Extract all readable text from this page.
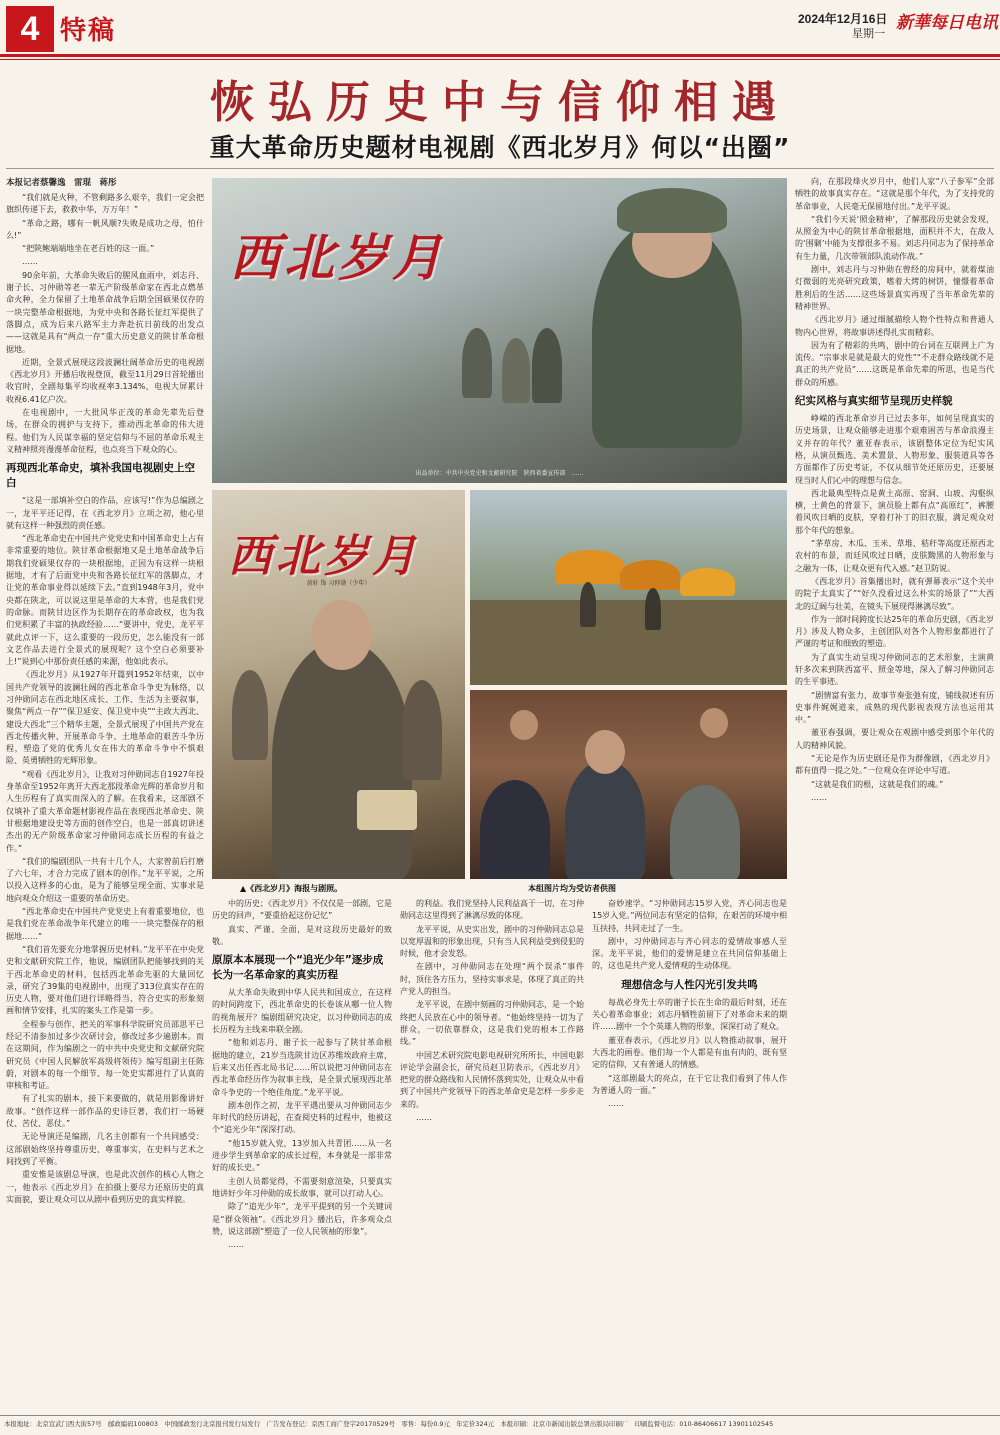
4 特稿	2024年12月16日
星期一
新華每日电讯
恢弘历史中与信仰相遇
重大革命历史题材电视剧《西北岁月》何以“出圈”
本报记者蔡馨逸　雷琨　蒋彤

“我们就是火种，不管剩路多么艰辛，我们一定会把旗织传递下去，救救中华，万万年！”

“革命之路，哪有一帆风顺?失败是成功之母，怕什么!”

“把陕鲍端端地坐在老百姓的这一面。”

……

90余年前，大革命失败后的腥风血雨中，刘志丹、谢子长、习仲勋等老一辈无产阶级革命家在西北点燃革命火种，全力保留了土地革命战争后期全国硕果仅存的一块完整革命根据地，为党中央和各路长征红军提供了落脚点，成为后来八路军主力奔赴抗日前线的出发点——这就是具有“两点一存”重大历史意义的陕甘革命根据地。

近期，全景式展现这段波澜壮阔革命历史的电视剧《西北岁月》开播后收视登顶，截至11月29日首轮播出收官时，全剧每集平均收视率3.134%，电视大屏累计收视6.41亿户次。

在电视剧中，一大批风华正茂的革命先辈先后登场，在群众的拥护与支持下，推动西北革命的伟大进程。他们为人民谋幸福的坚定信仰与不屈的革命乐观主义精神照亮漫漫革命征程，也点亮当下观众的心。

再现西北革命史，填补我国电视剧史上空白

“这是一部填补空白的作品，应该写!”作为总编剧之一，龙平平还记得，在《西北岁月》立项之初，他心里就有这样一种强烈的责任感。

“西北革命史在中国共产党党史和中国革命史上占有非常重要的地位。陕甘革命根据地又是土地革命战争后期我们党硕果仅存的一块根据地，正因为有这样一块根据地，才有了后面党中央和各路长征红军的落脚点，才让党的革命事业得以延续下去。”直到1948年3月，党中央都在陕北，可以说这里是革命的大本营，也是我们党的命脉。而陕甘边区作为长期存在的革命政权，也为我们党积累了丰富的执政经验……“要讲中，党史，龙平平就此点评一下，这么重要的一段历史，怎么能没有一部文艺作品去进行全景式的展现呢？这个空白必须要补上!”说到心中那份责任感的来源，他如此表示。

《西北岁月》从1927年开篇到1952年结束，以中国共产党领导的波澜壮阔的西北革命斗争史为脉络，以习仲勋同志在西北地区成长、工作、生活为主要叙事，聚焦“两点一存”“保卫延安、保卫党中央”“主政大西北、建设大西北”三个精华主题，全景式展现了中国共产党在西北传播火种、开展革命斗争、土地革命的艰苦斗争历程，塑造了党的优秀儿女在伟大的革命斗争中不惧艰险、英勇牺牲的光辉形象。

“观看《西北岁月》，让我对习仲勋同志自1927年投身革命至1952年离开大西北那段革命光辉的革命岁月和人生历程有了真实而深入的了解。在我看来，这部剧不仅填补了重大革命题材影视作品在表现西北革命史、陕甘根据地建设史等方面的创作空白，也是一部真切讲述杰出的无产阶级革命家习仲勋同志成长历程的有益之作。”

“我们的编剧团队一共有十几个人，大家曾前后打磨了六七年，才合力完成了剧本的创作。”龙平平说，之所以投入这样多的心血，是为了能够呈现全面、实事求是地向观众介绍这一重要的革命历史。

“西北革命史在中国共产党党史上有着重要地位，也是我们党在革命战争年代建立的唯一一块完整保存的根据地……”

“我们首先要充分地掌握历史材料。”龙平平在中央党史和文献研究院工作，他说，编剧团队把能够找到的关于西北革命史的材料，包括西北革命先驱的大量回忆录，研究了39集的电视剧中，出现了313位真实存在的历史人物，要对他们进行详略得当、符合史实的形象刻画和情节安排，扎实的案头工作是第一步。

全程参与创作、把关的军事科学院研究员邵思平已经记不清参加过多少次研讨会，修改过多少遍剧本。而在这期间，作为编剧之一的中共中央党史和文献研究院研究员《中国人民解放军高级将领传》编写组副主任陈蔚，对剧本的每一个细节、每一处史实都进行了认真的审核和考证。

有了扎实的剧本，接下来要做的，就是用影像讲好故事。“创作这样一部作品的史诗巨著，我们打一场硬仗、苦仗、恶仗。”

无论导演还是编剧，几名主创都有一个共同感受：这部剧始终坚持尊重历史、尊重事实，在史料与艺术之间找到了平衡。

重安惟是该剧总导演，也是此次创作的核心人物之一，他表示《西北岁月》在拍摄上要尽力还原历史的真实面貌，要让观众可以从剧中看到历史的真实样貌。

西北岁月
出品单位：中共中央党史和文献研究院　陕西省委宣传部　……
西北岁月
黄轩 饰 习仲勋（少年）
▲《西北岁月》海报与剧照。	本组图片均为受访者供图

中的历史；《西北岁月》不仅仅是一部剧，它是历史的回声，“要重拾起这份记忆”

真实、严谨、全面，是对这段历史最好的致敬。

原原本本展现一个“追光少年”逐步成长为一名革命家的真实历程

从大革命失败到中华人民共和国成立，在这样的时间跨度下，西北革命史的长卷该从哪一位人物的视角展开？编剧组研究决定，以习仲勋同志的成长历程为主线来串联全剧。

“他和刘志丹、谢子长一起参与了陕甘革命根据地的建立，21岁当选陕甘边区苏维埃政府主席，后来又出任西北局书记……所以说把习仲勋同志在西北革命经历作为叙事主线，是全景式展现西北革命斗争史的一个绝佳角度。”龙平平说。

剧本创作之初，龙平平遇出要从习仲勋同志少年时代的经历讲起，在查阅史料的过程中，他被这个“追光少年”深深打动。

“他15岁就入党，13岁加入共青团……从一名进步学生到革命家的成长过程，本身就是一部非常好的成长史。”

主创人员都觉得，不需要刻意渲染，只要真实地讲好少年习仲勋的成长故事，就可以打动人心。

除了“追光少年”，龙平平提到的另一个关键词是“群众领袖”。《西北岁月》播出后，许多观众点赞，说这部剧“塑造了一位人民领袖的形象”。

……

的利益。我们党坚持人民利益高于一切，在习仲勋同志这里得到了淋漓尽致的体现。

龙平平说，从史实出发，剧中的习仲勋同志总是以宽厚温和的形象出现，只有当人民利益受到侵犯的时候，他才会发怒。

在剧中，习仲勋同志在处理“两个误杀”事件时，顶住各方压力，坚持实事求是，体现了真正的共产党人的担当。

龙平平说，在剧中刻画的习仲勋同志，是一个始终把人民放在心中的领导者。“他始终坚持一切为了群众，一切依靠群众，这是我们党的根本工作路线。”

中国艺术研究院电影电视研究所所长，中国电影评论学会副会长，研究员赵卫防表示，《西北岁月》把党的群众路线和人民情怀落到实处，让观众从中看到了中国共产党领导下的西北革命史是怎样一步步走来的。

……

奋妙速学。“习仲勋同志15岁入党，齐心同志也是15岁入党。”两位同志有坚定的信仰，在艰苦的环境中相互扶持，共同走过了一生。

剧中，习仲勋同志与齐心同志的爱情故事感人至深。龙平平说，他们的爱情是建立在共同信仰基础上的，这也是共产党人爱情观的生动体现。

理想信念与人性闪光引发共鸣

每战必身先士卒的谢子长在生命的最后时刻，还在关心着革命事业；刘志丹牺牲前留下了对革命未来的期许……剧中一个个英雄人物的形象，深深打动了观众。

董亚春表示，《西北岁月》以人物推动叙事，展开大西北的画卷。他们每一个人都是有血有肉的，既有坚定的信仰，又有普通人的情感。

“这部剧最大的亮点，在于它让我们看到了伟人作为普通人的一面。”

……

向，在那段烽火岁月中，他们人家“八子参军”全部牺牲的故事真实存在。“这就是那个年代，为了支持党的革命事业，人民毫无保留地付出。”龙平平说。

“我们今天说‘照金精神’，了解那段历史就会发现，从照金为中心的陕甘革命根据地，面积并不大，在敌人的‘围剿’中能为支撑很多不易。刘志丹同志为了保持革命有生力量，几次带领部队流动作战。”

剧中，刘志丹与习仲勋在曾经的房间中，就着煤油灯微弱的光亮研究政策，嗜着大烤的树饼，憧憬着革命胜利后的生活……这些场景真实再现了当年革命先辈的精神世界。

《西北岁月》通过细腻描绘人物个性特点和普通人物内心世界，将故事讲述得扎实而精彩。

因为有了精彩的共鸣，剧中的台词在互联网上广为流传。“宗事求是就是最大的党性”“不走群众路线就不是真正的共产党员”……这既是革命先辈的所思，也是当代群众的所感。

纪实风格与真实细节呈现历史样貌

峥嵘的西北革命岁月已过去多年，如何呈现真实的历史场景，让观众能够走进那个艰难困苦与革命浪漫主义并存的年代？董亚春表示，该剧整体定位为纪实风格，从演员甄选、美术置景、人物形象、服装道具等各方面都作了历史考证，不仅从细节处还原历史，还要展现当时人们心中的理想与信念。

西北最典型特点是黄土高原、窑洞、山坡、沟壑纵横，土黄色的背景下，演员脸上都有点“高原红”，裤腰着风吹日晒的皮肤，穿着打补丁的旧衣服，满足观众对那个年代的想象。

“茅草房、木瓜、玉米、草堆、秸秆等高度还原西北农村的布景，而廷风吹过日晒，皮肤黝黑的人物形象与之融为一体，让观众更有代入感。”赵卫防说。

《西北岁月》首集播出时，就有弹幕表示“这个关中的院子太真实了”“好久没看过这么朴实的场景了”“大西北的辽阔与壮美，在镜头下展现得淋漓尽致”。

作为一部时间跨度长达25年的革命历史剧，《西北岁月》涉及人物众多，主创团队对各个人物形象都进行了严谨的考证和细致的塑造。

为了真实生动呈现习仲勋同志的艺术形象，主演黄轩多次来到陕西富平、照金等地，深入了解习仲勋同志的生平事迹。

“剧情富有张力，故事节奏张弛有度，铺线叙述有历史事件娓娓道来，成熟的现代影视表现方法也运用其中。”

董亚春强调，要让观众在观剧中感受到那个年代的人的精神风貌。

“无论是作为历史剧还是作为群像剧，《西北岁月》都有值得一提之处。”一位观众在评论中写道。

“这就是我们的根，这就是我们的魂。”

……

本报地址：北京宣武门西大街57号　邮政编码100803　中国邮政发行北京报刊发行局发行　广告发布登记：京西工商广登字20170529号　零售：每份0.9元　年定价324元　本报印刷：北京市新闻出版总署出版局印刷厂　印刷监督电话：010-86406617 13901102545
